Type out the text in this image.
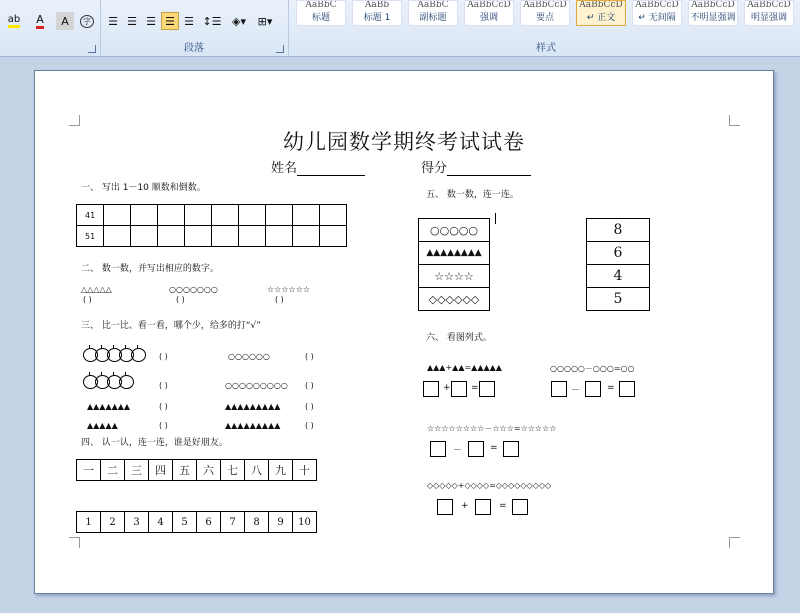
ab A A	字 ☰ ☰ ☰ ☰ ☰ ↕☰ ◈▾ ⊞▾
段落
AaBbC
标题
AaBb
标题 1
AaBbC
副标题
AaBbCcD
强调
AaBbCcD
要点
AaBbCcD
↵ 正文
AaBbCcD
↵ 无间隔
AaBbCcD
不明显强调
AaBbCcD
明显强调
样式
幼儿园数学期终考试试卷
姓名	得分
一、 写出 1－10 顺数和倒数。
41									
51									
二、 数一数，并写出相应的数字。
△△△△△	○○○○○○○	☆☆☆☆☆☆
( )	( )	( )
三、 比一比、看一看，哪个少，给多的打“√”
( )	○○○○○○	( )
( )	○○○○○○○○○ ( )
▲▲▲▲▲▲▲	( )	▲▲▲▲▲▲▲▲▲	( )
▲▲▲▲▲	( )	▲▲▲▲▲▲▲▲▲	( )
四、 认一认，连一连，谁是好朋友。
一	二	三	四	五	六	七	八	九	十
1	2	3	4	5	6	7	8	9	10
五、 数一数，连一连。
○○○○○
▲▲▲▲▲▲▲▲
☆☆☆☆
◇◇◇◇◇◇
8
6
4
5
六、 看图列式。
▲▲▲+▲▲=▲▲▲▲▲	○○○○○－○○○=○○
+ =	－	=
☆☆☆☆☆☆☆☆－☆☆☆=☆☆☆☆☆
－	=
◇◇◇◇◇+◇◇◇◇=◇◇◇◇◇◇◇◇◇
+	=
